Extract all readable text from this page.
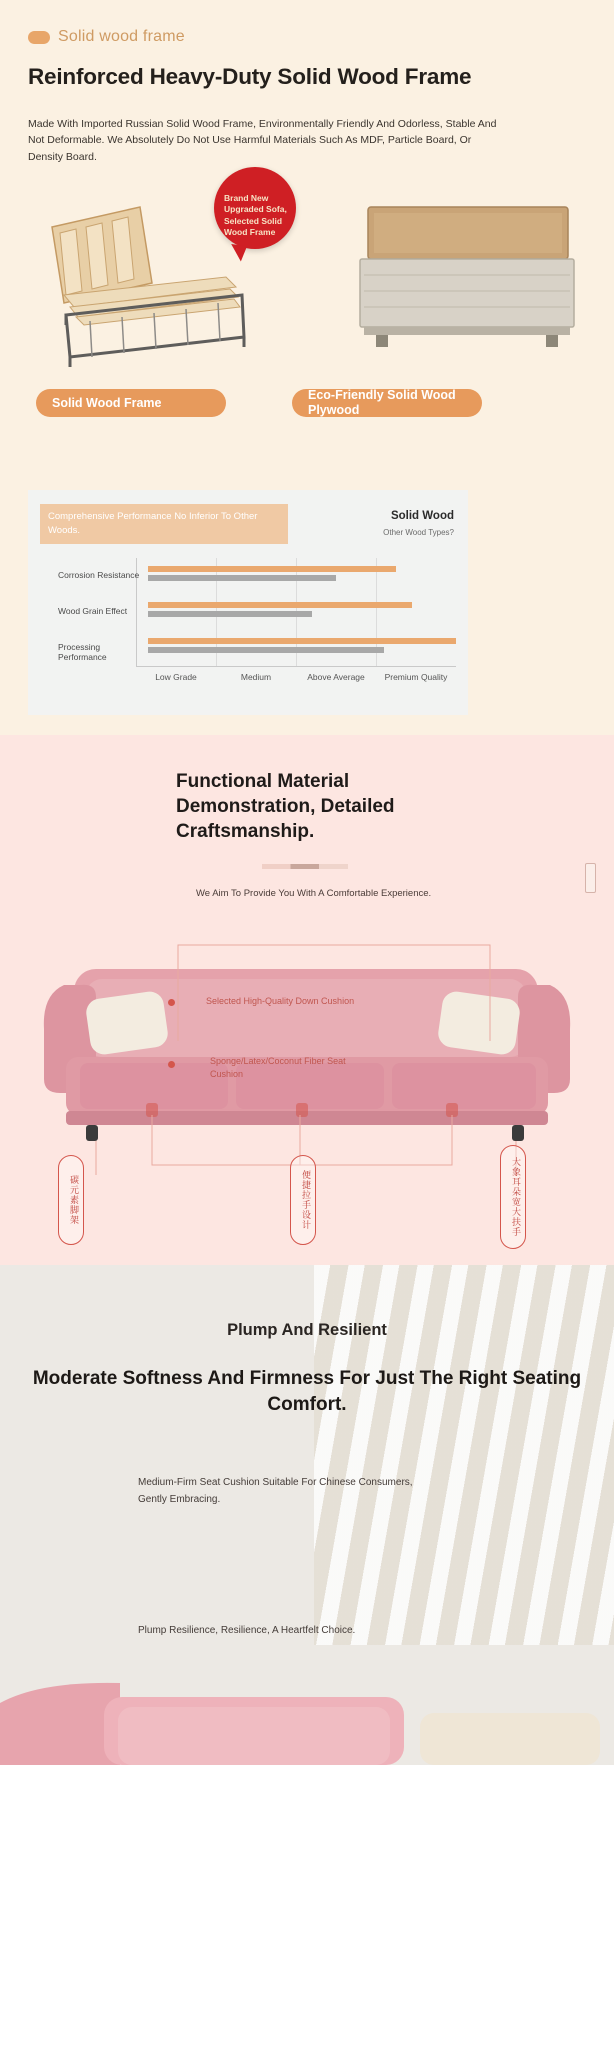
Solid wood frame
Reinforced Heavy-Duty Solid Wood Frame

Made With Imported Russian Solid Wood Frame, Environmentally Friendly And Odorless, Stable And Not Deformable. We Absolutely Do Not Use Harmful Materials Such As MDF, Particle Board, Or Density Board.

Brand New Upgraded Sofa, Selected Solid Wood Frame
Solid Wood Frame
Eco-Friendly Solid Wood Plywood
Comprehensive Performance No Inferior To Other Woods.
Solid Wood
Other Wood Types?
Corrosion Resistance
Wood Grain Effect
Processing Performance
Low Grade	Medium	Above Average	Premium Quality
Functional Material Demonstration, Detailed Craftsmanship.
We Aim To Provide You With A Comfortable Experience.
Selected High-Quality Down Cushion
Sponge/Latex/Coconut Fiber Seat Cushion
碳元素脚架	便捷拉手设计	大象耳朵宽大扶手
Plump And Resilient
Moderate Softness And Firmness For Just The Right Seating Comfort.
Medium-Firm Seat Cushion Suitable For Chinese Consumers, Gently Embracing.
Plump Resilience, Resilience, A Heartfelt Choice.
